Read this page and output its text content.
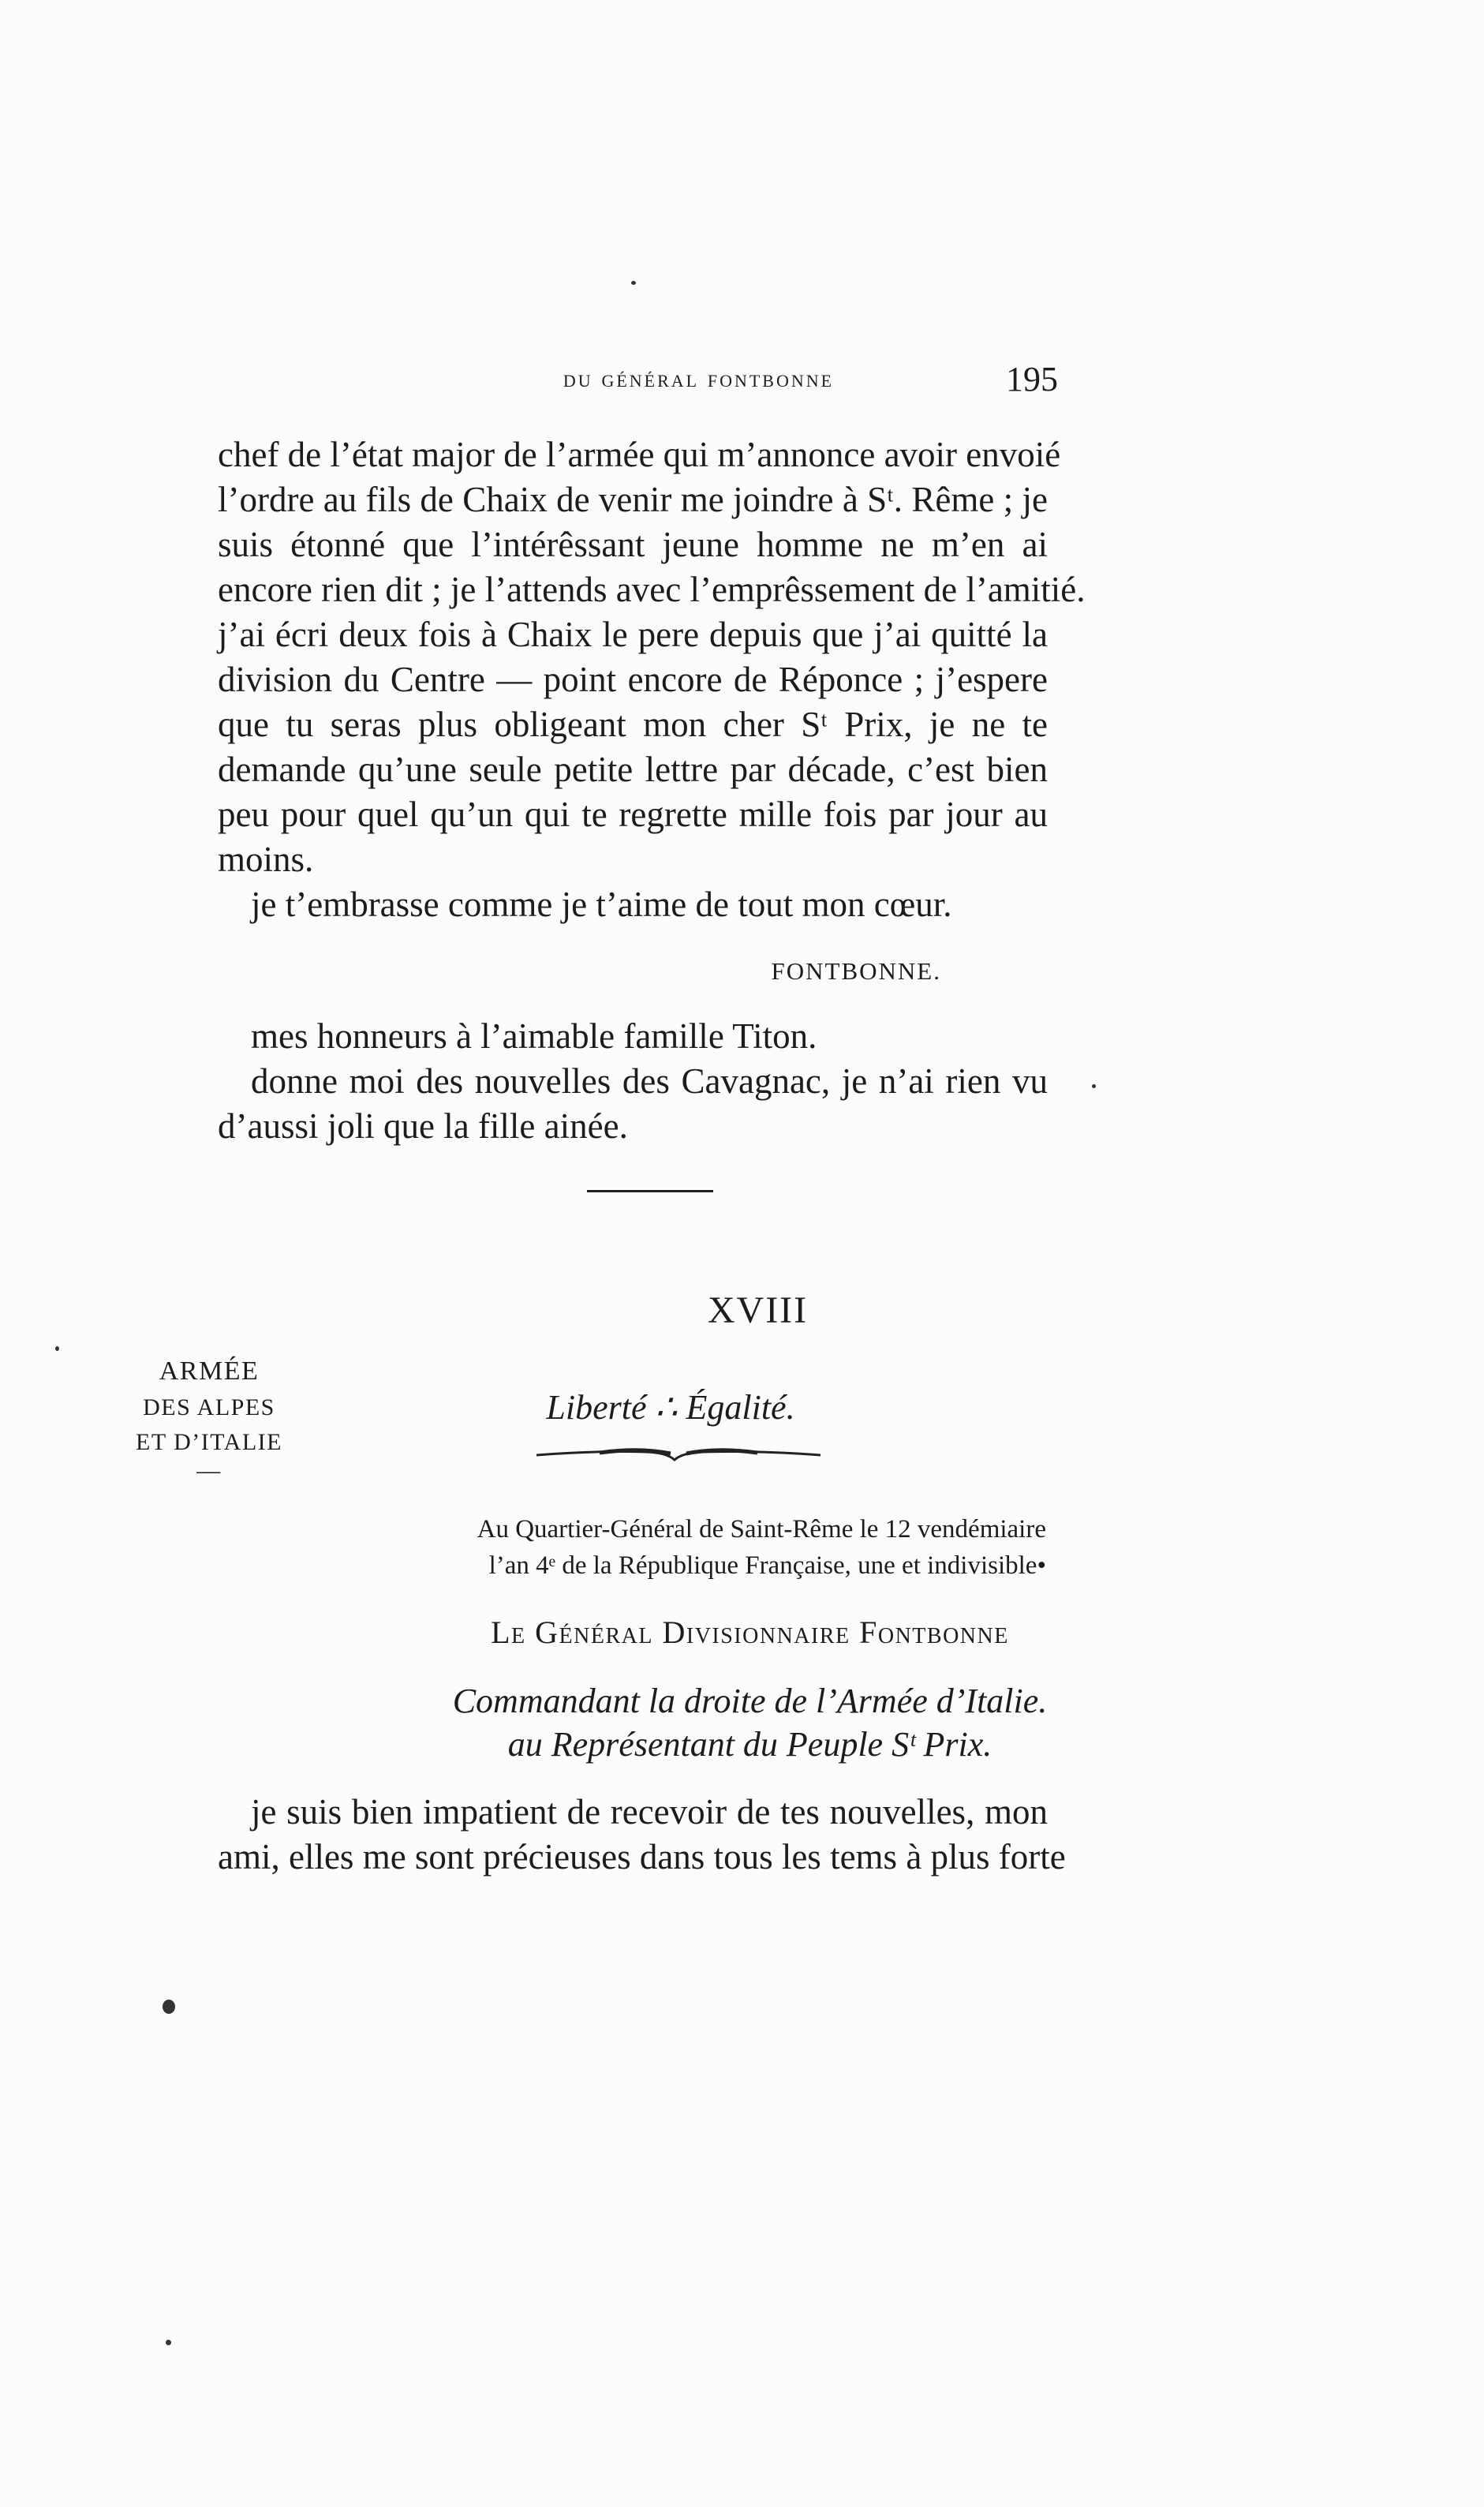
du général fontbonne	195
chef de l’état major de l’armée qui m’annonce avoir envoié
l’ordre au fils de Chaix de venir me joindre à Sᵗ. Rême ; je
suis étonné que l’intérêssant jeune homme ne m’en ai
encore rien dit ; je l’attends avec l’emprêssement de l’amitié.
j’ai écri deux fois à Chaix le pere depuis que j’ai quitté la
division du Centre — point encore de Réponce ; j’espere
que tu seras plus obligeant mon cher Sᵗ Prix, je ne te
demande qu’une seule petite lettre par décade, c’est bien
peu pour quel qu’un qui te regrette mille fois par jour au
moins.
je t’embrasse comme je t’aime de tout mon cœur.
FONTBONNE.
mes honneurs à l’aimable famille Titon.
donne moi des nouvelles des Cavagnac, je n’ai rien vu
d’aussi joli que la fille ainée.
XVIII
ARMÉE
DES ALPES
ET D’ITALIE
—
Liberté ∴ Égalité.
Au Quartier-Général de Saint-Rême le 12 vendémiaire
l’an 4ᵉ de la République Française, une et indivisible•
Le Général Divisionnaire Fontbonne
Commandant la droite de l’Armée d’Italie.
au Représentant du Peuple Sᵗ Prix.
je suis bien impatient de recevoir de tes nouvelles, mon
ami, elles me sont précieuses dans tous les tems à plus forte
